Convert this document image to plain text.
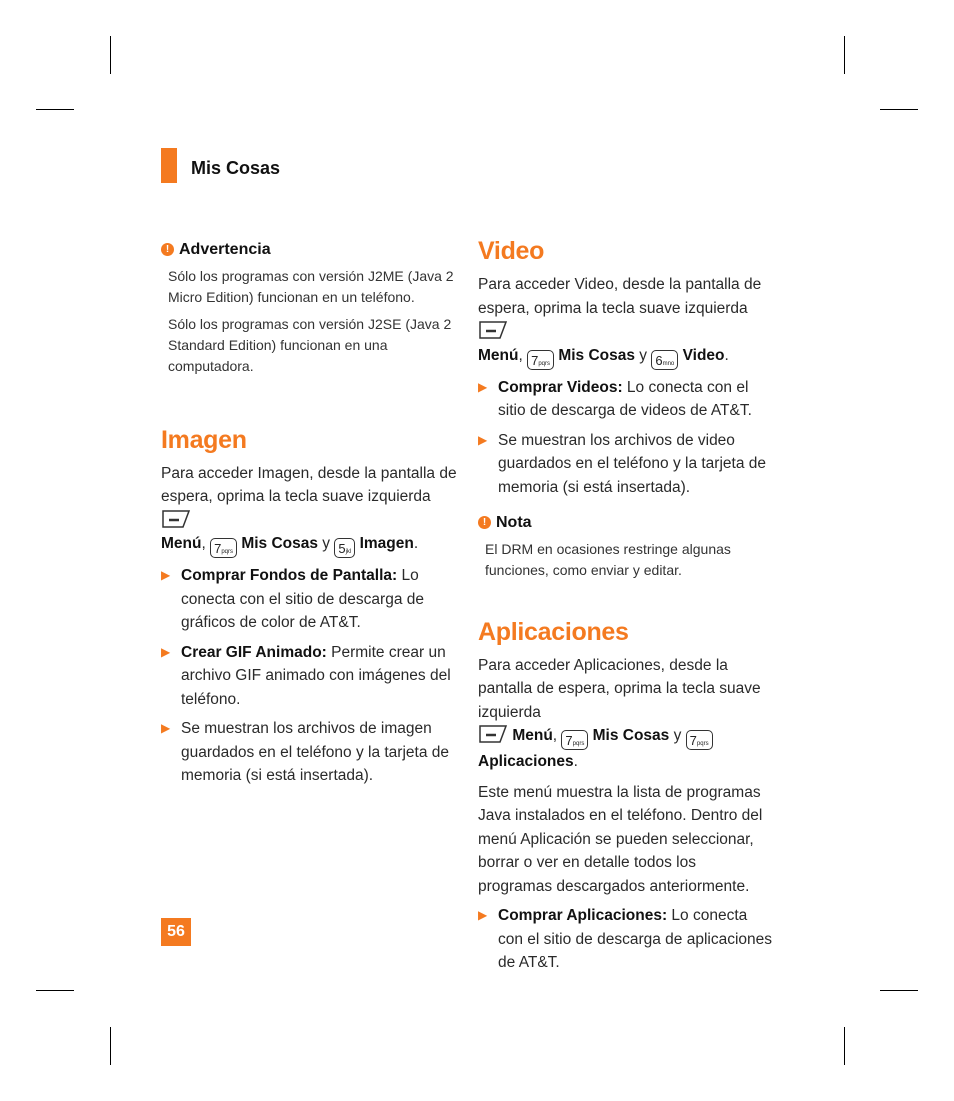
Mis Cosas
! Advertencia

Sólo los programas con versión J2ME (Java 2 Micro Edition) funcionan en un teléfono.

Sólo los programas con versión J2SE (Java 2 Standard Edition) funcionan en una computadora.

Imagen

Para acceder Imagen, desde la pantalla de espera, oprima la tecla suave izquierda
Menú, 7pqrs Mis Cosas y 5jkl Imagen.

▶ Comprar Fondos de Pantalla: Lo conecta con el sitio de descarga de gráficos de color de AT&T.
▶ Crear GIF Animado: Permite crear un archivo GIF animado con imágenes del teléfono.
▶ Se muestran los archivos de imagen guardados en el teléfono y la tarjeta de memoria (si está insertada).
Video

Para acceder Video, desde la pantalla de espera, oprima la tecla suave izquierda
Menú, 7pqrs Mis Cosas y 6mno Video.

▶ Comprar Videos: Lo conecta con el sitio de descarga de videos de AT&T.
▶ Se muestran los archivos de video guardados en el teléfono y la tarjeta de memoria (si está insertada).
! Nota
El DRM en ocasiones restringe algunas funciones, como enviar y editar.
Aplicaciones

Para acceder Aplicaciones, desde la pantalla de espera, oprima la tecla suave izquierda
Menú, 7pqrs Mis Cosas y 7pqrs
Aplicaciones.

Este menú muestra la lista de programas Java instalados en el teléfono. Dentro del menú Aplicación se pueden seleccionar, borrar o ver en detalle todos los programas descargados anteriormente.

▶ Comprar Aplicaciones: Lo conecta con el sitio de descarga de aplicaciones de AT&T.
56
